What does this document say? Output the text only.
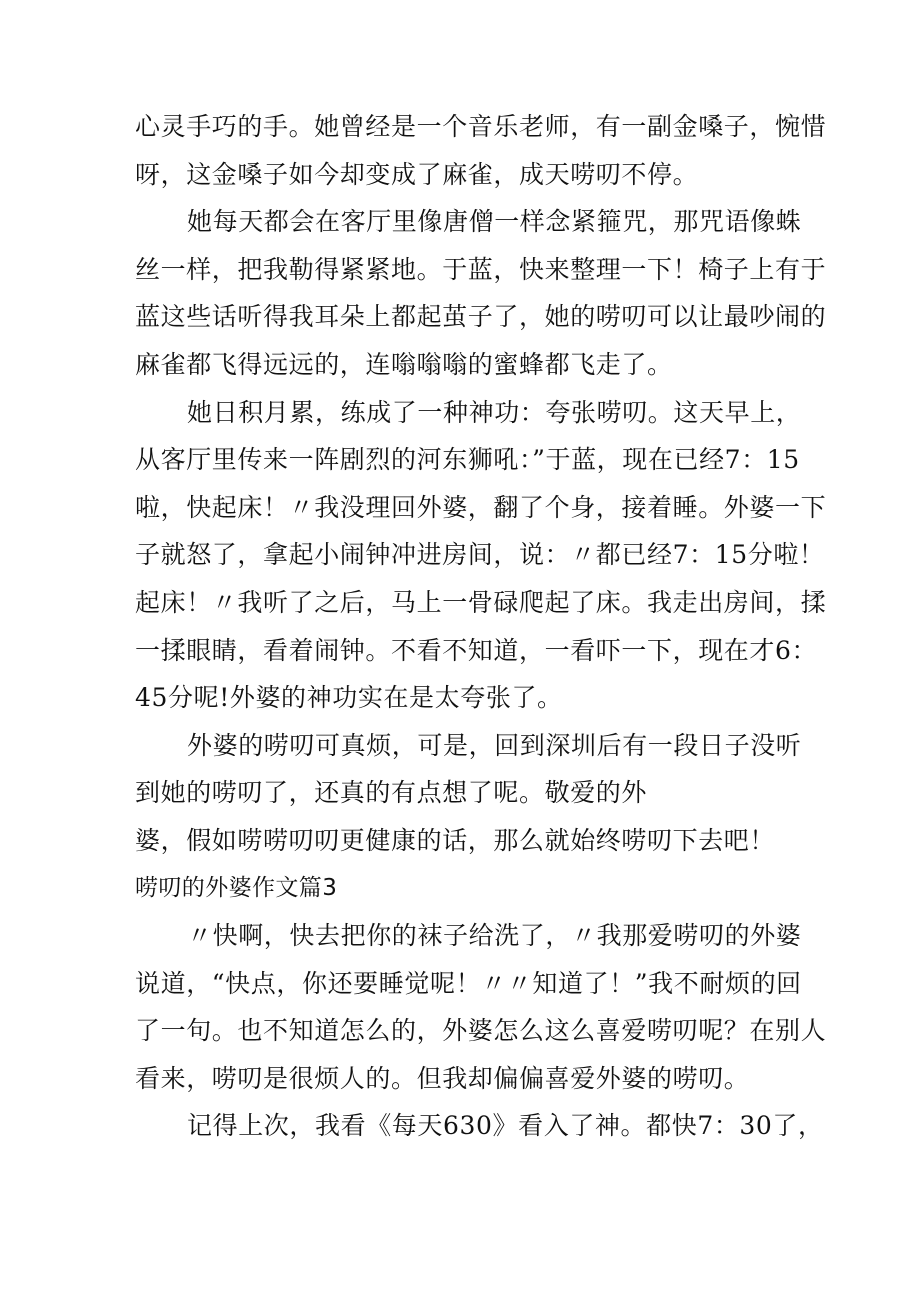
心灵手巧的手。她曾经是一个音乐老师，有一副金嗓子，惋惜
呀，这金嗓子如今却变成了麻雀，成天唠叨不停。
她每天都会在客厅里像唐僧一样念紧箍咒，那咒语像蛛
丝一样，把我勒得紧紧地。于蓝，快来整理一下！椅子上有于
蓝这些话听得我耳朵上都起茧子了，她的唠叨可以让最吵闹的
麻雀都飞得远远的，连嗡嗡嗡的蜜蜂都飞走了。
她日积月累，练成了一种神功：夸张唠叨。这天早上，
从客厅里传来一阵剧烈的河东狮吼：”于蓝，现在已经7：15
啦，快起床！〃我没理回外婆，翻了个身，接着睡。外婆一下
子就怒了，拿起小闹钟冲进房间，说：〃都已经7：15分啦！
起床！〃我听了之后，马上一骨碌爬起了床。我走出房间，揉
一揉眼睛，看着闹钟。不看不知道，一看吓一下，现在才6：
45分呢!外婆的神功实在是太夸张了。
外婆的唠叨可真烦，可是，回到深圳后有一段日子没听
到她的唠叨了，还真的有点想了呢。敬爱的外
婆，假如唠唠叨叨更健康的话，那么就始终唠叨下去吧！
唠叨的外婆作文篇3
〃快啊，快去把你的袜子给洗了，〃我那爱唠叨的外婆
说道，“快点，你还要睡觉呢！〃〃知道了！”我不耐烦的回
了一句。也不知道怎么的，外婆怎么这么喜爱唠叨呢？在别人
看来，唠叨是很烦人的。但我却偏偏喜爱外婆的唠叨。
记得上次，我看《每天630》看入了神。都快7：30了，
